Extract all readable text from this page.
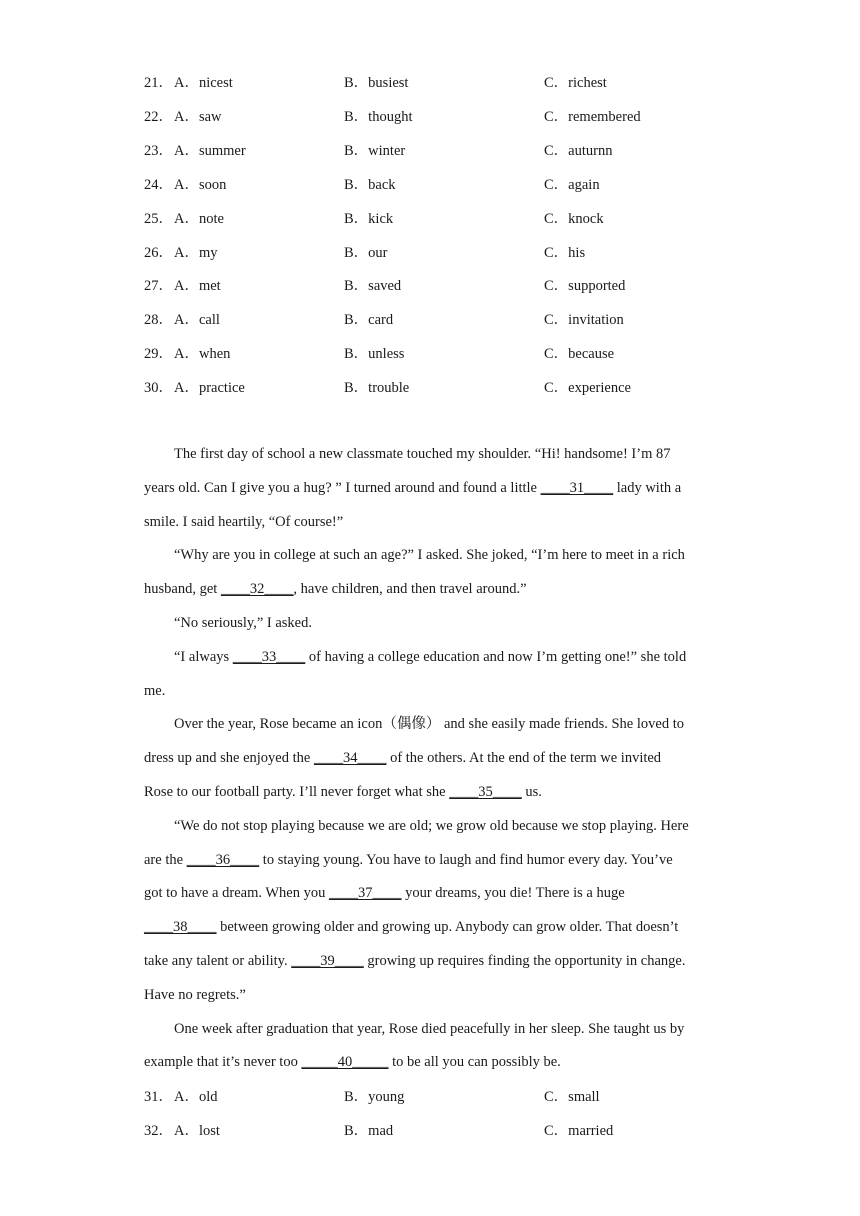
21． A．nicest	B．busiest	C．richest
22． A．saw	B．thought	C．remembered
23． A．summer	B．winter	C．auturnn
24． A．soon	B．back	C．again
25． A．note	B．kick	C．knock
26． A．my	B．our	C．his
27． A．met	B．saved	C．supported
28． A．call	B．card	C．invitation
29． A．when	B．unless	C．because
30． A．practice	B．trouble	C．experience
The first day of school a new classmate touched my shoulder. “Hi! handsome! I’m 87
years old. Can I give you a hug? ” I turned around and found a little ____31____ lady with a
smile. I said heartily, “Of course!”
“Why are you in college at such an age?” I asked. She joked, “I’m here to meet in a rich
husband, get ____32____, have children, and then travel around.”
“No seriously,” I asked.
“I always ____33____ of having a college education and now I’m getting one!” she told
me.
Over the year, Rose became an icon（偶像） and she easily made friends. She loved to
dress up and she enjoyed the ____34____ of the others. At the end of the term we invited
Rose to our football party. I’ll never forget what she ____35____ us.
“We do not stop playing because we are old; we grow old because we stop playing. Here
are the ____36____ to staying young. You have to laugh and find humor every day. You’ve
got to have a dream. When you ____37____ your dreams, you die! There is a huge
____38____ between growing older and growing up. Anybody can grow older. That doesn’t
take any talent or ability. ____39____ growing up requires finding the opportunity in change.
Have no regrets.”
One week after graduation that year, Rose died peacefully in her sleep. She taught us by
example that it’s never too _____40_____ to be all you can possibly be.
31． A．old	B．young	C．small
32． A．lost	B．mad	C．married
